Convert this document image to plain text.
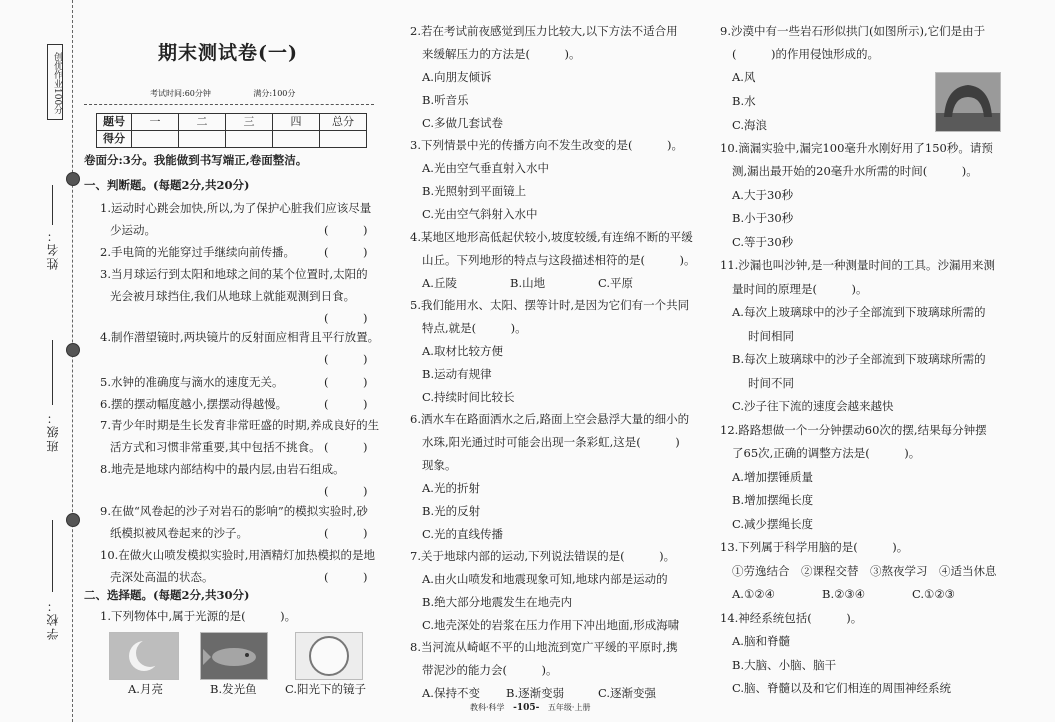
创优作业100分
姓名：
班级：
学校：
期末测试卷(一)
考试时间:60分钟	满分:100分
题号	一	二	三	四	总分
得分					
卷面分:3分。我能做到书写端正,卷面整洁。
一、判断题。(每题2分,共20分)
1.运动时心跳会加快,所以,为了保护心脏我们应该尽量
少运动。	(　　　)
2.手电筒的光能穿过手继续向前传播。	(　　　)
3.当月球运行到太阳和地球之间的某个位置时,太阳的
光会被月球挡住,我们从地球上就能观测到日食。
(　　　)
4.制作潜望镜时,两块镜片的反射面应相背且平行放置。
(　　　)
5.水钟的准确度与滴水的速度无关。	(　　　)
6.摆的摆动幅度越小,摆摆动得越慢。	(　　　)
7.青少年时期是生长发育非常旺盛的时期,养成良好的生
活方式和习惯非常重要,其中包括不挑食。 (　　　)
8.地壳是地球内部结构中的最内层,由岩石组成。
(　　　)
9.在做“风卷起的沙子对岩石的影响”的模拟实验时,砂
纸模拟被风卷起来的沙子。	(　　　)
10.在做火山喷发模拟实验时,用酒精灯加热模拟的是地
壳深处高温的状态。	(　　　)
二、选择题。(每题2分,共30分)
1.下列物体中,属于光源的是(　　　)。
A.月亮	B.发光鱼 C.阳光下的镜子
2.若在考试前夜感觉到压力比较大,以下方法不适合用
来缓解压力的方法是(　　　)。
A.向朋友倾诉
B.听音乐
C.多做几套试卷
3.下列情景中光的传播方向不发生改变的是(　　　)。
A.光由空气垂直射入水中
B.光照射到平面镜上
C.光由空气斜射入水中
4.某地区地形高低起伏较小,坡度较缓,有连绵不断的平缓
山丘。下列地形的特点与这段描述相符的是(　　　)。
A.丘陵	B.山地	C.平原
5.我们能用水、太阳、摆等计时,是因为它们有一个共同
特点,就是(　　　)。
A.取材比较方便
B.运动有规律
C.持续时间比较长
6.洒水车在路面洒水之后,路面上空会悬浮大量的细小的
水珠,阳光通过时可能会出现一条彩虹,这是(　　　)
现象。
A.光的折射
B.光的反射
C.光的直线传播
7.关于地球内部的运动,下列说法错误的是(　　　)。
A.由火山喷发和地震现象可知,地球内部是运动的
B.绝大部分地震发生在地壳内
C.地壳深处的岩浆在压力作用下冲出地面,形成海啸
8.当河流从崎岖不平的山地流到宽广平缓的平原时,携
带泥沙的能力会(　　　)。
A.保持不变 B.逐渐变弱	C.逐渐变强
9.沙漠中有一些岩石形似拱门(如图所示),它们是由于
(　　　)的作用侵蚀形成的。
A.风
B.水
C.海浪
10.滴漏实验中,漏完100毫升水刚好用了150秒。请预
测,漏出最开始的20毫升水所需的时间(　　　)。
A.大于30秒
B.小于30秒
C.等于30秒
11.沙漏也叫沙钟,是一种测量时间的工具。沙漏用来测
量时间的原理是(　　　)。
A.每次上玻璃球中的沙子全部流到下玻璃球所需的
时间相同
B.每次上玻璃球中的沙子全部流到下玻璃球所需的
时间不同
C.沙子往下流的速度会越来越快
12.路路想做一个一分钟摆动60次的摆,结果每分钟摆
了65次,正确的调整方法是(　　　)。
A.增加摆锤质量
B.增加摆绳长度
C.减少摆绳长度
13.下列属于科学用脑的是(　　　)。
①劳逸结合　②课程交替　③熬夜学习　④适当休息
A.①②④	B.②③④	C.①②③
14.神经系统包括(　　　)。
A.脑和脊髓
B.大脑、小脑、脑干
C.脑、脊髓以及和它们相连的周围神经系统
教科·科学 -105- 五年级·上册
